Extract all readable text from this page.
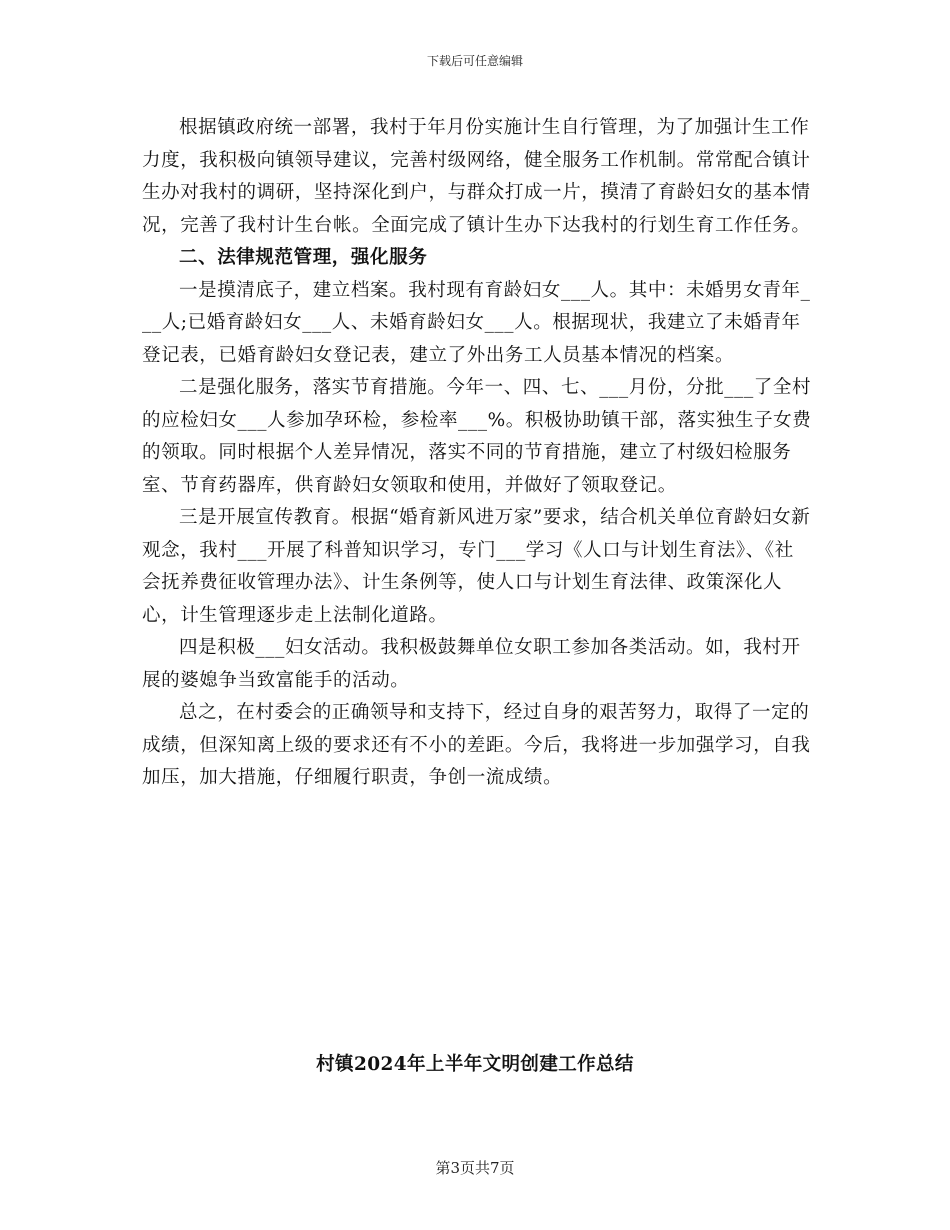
下载后可任意编辑

根据镇政府统一部署，我村于年月份实施计生自行管理，为了加强计生工作力度，我积极向镇领导建议，完善村级网络，健全服务工作机制。常常配合镇计生办对我村的调研，坚持深化到户，与群众打成一片，摸清了育龄妇女的基本情况，完善了我村计生台帐。全面完成了镇计生办下达我村的行划生育工作任务。

二、法律规范管理，强化服务

一是摸清底子，建立档案。我村现有育龄妇女___人。其中：未婚男女青年___人;已婚育龄妇女___人、未婚育龄妇女___人。根据现状，我建立了未婚青年登记表，已婚育龄妇女登记表，建立了外出务工人员基本情况的档案。

二是强化服务，落实节育措施。今年一、四、七、___月份，分批___了全村的应检妇女___人参加孕环检，参检率___%。积极协助镇干部，落实独生子女费的领取。同时根据个人差异情况，落实不同的节育措施，建立了村级妇检服务室、节育药器库，供育龄妇女领取和使用，并做好了领取登记。

三是开展宣传教育。根据“婚育新风进万家”要求，结合机关单位育龄妇女新观念，我村___开展了科普知识学习，专门___学习《人口与计划生育法》、《社会抚养费征收管理办法》、计生条例等，使人口与计划生育法律、政策深化人心，计生管理逐步走上法制化道路。

四是积极___妇女活动。我积极鼓舞单位女职工参加各类活动。如，我村开展的婆媳争当致富能手的活动。

总之，在村委会的正确领导和支持下，经过自身的艰苦努力，取得了一定的成绩，但深知离上级的要求还有不小的差距。今后，我将进一步加强学习，自我加压，加大措施，仔细履行职责，争创一流成绩。

村镇2024年上半年文明创建工作总结
第3页共7页
